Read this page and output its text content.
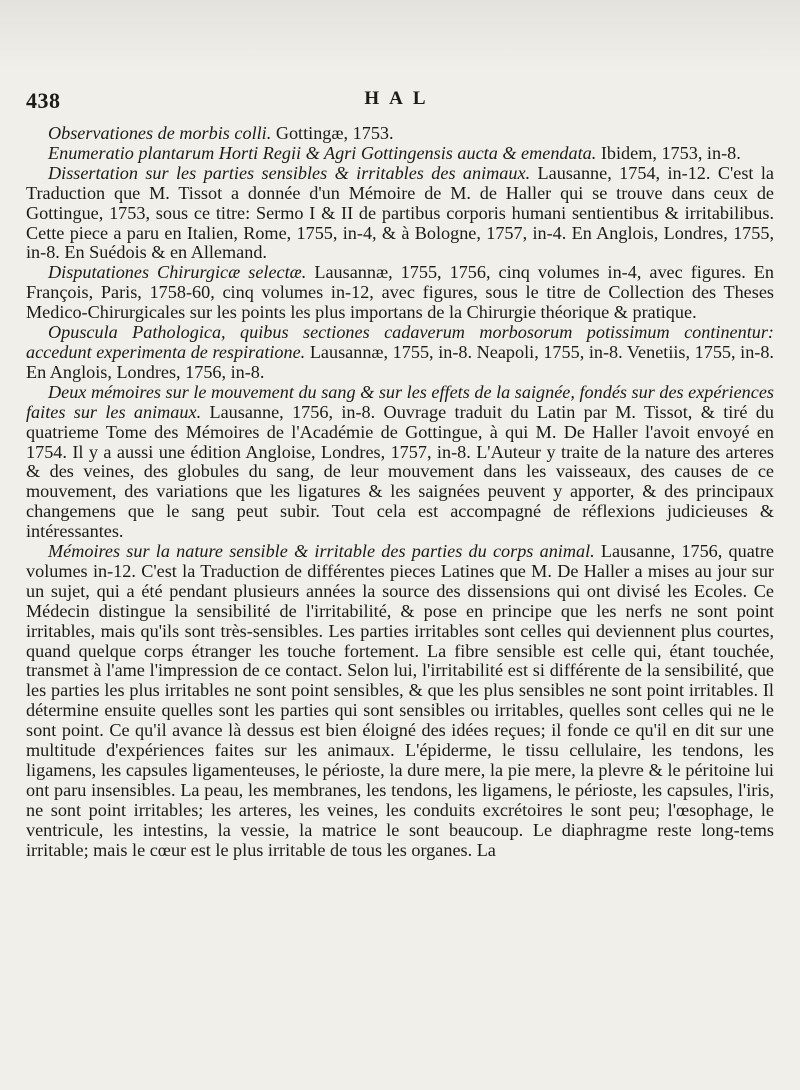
438	HAL

Observationes de morbis colli. Gottingæ, 1753.

Enumeratio plantarum Horti Regii & Agri Gottingensis aucta & emendata. Ibidem, 1753, in-8.

Dissertation sur les parties sensibles & irritables des animaux. Lausanne, 1754, in-12. C'est la Traduction que M. Tissot a donnée d'un Mémoire de M. de Haller qui se trouve dans ceux de Gottingue, 1753, sous ce titre: Sermo I & II de partibus corporis humani sentientibus & irritabilibus. Cette piece a paru en Italien, Rome, 1755, in-4, & à Bologne, 1757, in-4. En Anglois, Londres, 1755, in-8. En Suédois & en Allemand.

Disputationes Chirurgicæ selectæ. Lausannæ, 1755, 1756, cinq volumes in-4, avec figures. En François, Paris, 1758-60, cinq volumes in-12, avec figures, sous le titre de Collection des Theses Medico-Chirurgicales sur les points les plus importans de la Chirurgie théorique & pratique.

Opuscula Pathologica, quibus sectiones cadaverum morbosorum potissimum continentur: accedunt experimenta de respiratione. Lausannæ, 1755, in-8. Neapoli, 1755, in-8. Venetiis, 1755, in-8. En Anglois, Londres, 1756, in-8.

Deux mémoires sur le mouvement du sang & sur les effets de la saignée, fondés sur des expériences faites sur les animaux. Lausanne, 1756, in-8. Ouvrage traduit du Latin par M. Tissot, & tiré du quatrieme Tome des Mémoires de l'Académie de Gottingue, à qui M. De Haller l'avoit envoyé en 1754. Il y a aussi une édition Angloise, Londres, 1757, in-8. L'Auteur y traite de la nature des arteres & des veines, des globules du sang, de leur mouvement dans les vaisseaux, des causes de ce mouvement, des variations que les ligatures & les saignées peuvent y apporter, & des principaux changemens que le sang peut subir. Tout cela est accompagné de réflexions judicieuses & intéressantes.

Mémoires sur la nature sensible & irritable des parties du corps animal. Lausanne, 1756, quatre volumes in-12. C'est la Traduction de différentes pieces Latines que M. De Haller a mises au jour sur un sujet, qui a été pendant plusieurs années la source des dissensions qui ont divisé les Ecoles. Ce Médecin distingue la sensibilité de l'irritabilité, & pose en principe que les nerfs ne sont point irritables, mais qu'ils sont très-sensibles. Les parties irritables sont celles qui deviennent plus courtes, quand quelque corps étranger les touche fortement. La fibre sensible est celle qui, étant touchée, transmet à l'ame l'impression de ce contact. Selon lui, l'irritabilité est si différente de la sensibilité, que les parties les plus irritables ne sont point sensibles, & que les plus sensibles ne sont point irritables. Il détermine ensuite quelles sont les parties qui sont sensibles ou irritables, quelles sont celles qui ne le sont point. Ce qu'il avance là dessus est bien éloigné des idées reçues; il fonde ce qu'il en dit sur une multitude d'expériences faites sur les animaux. L'épiderme, le tissu cellulaire, les tendons, les ligamens, les capsules ligamenteuses, le périoste, la dure mere, la pie mere, la plevre & le péritoine lui ont paru insensibles. La peau, les membranes, les tendons, les ligamens, le périoste, les capsules, l'iris, ne sont point irritables; les arteres, les veines, les conduits excrétoires le sont peu; l'œsophage, le ventricule, les intestins, la vessie, la matrice le sont beaucoup. Le diaphragme reste long-tems irritable; mais le cœur est le plus irritable de tous les organes. La
